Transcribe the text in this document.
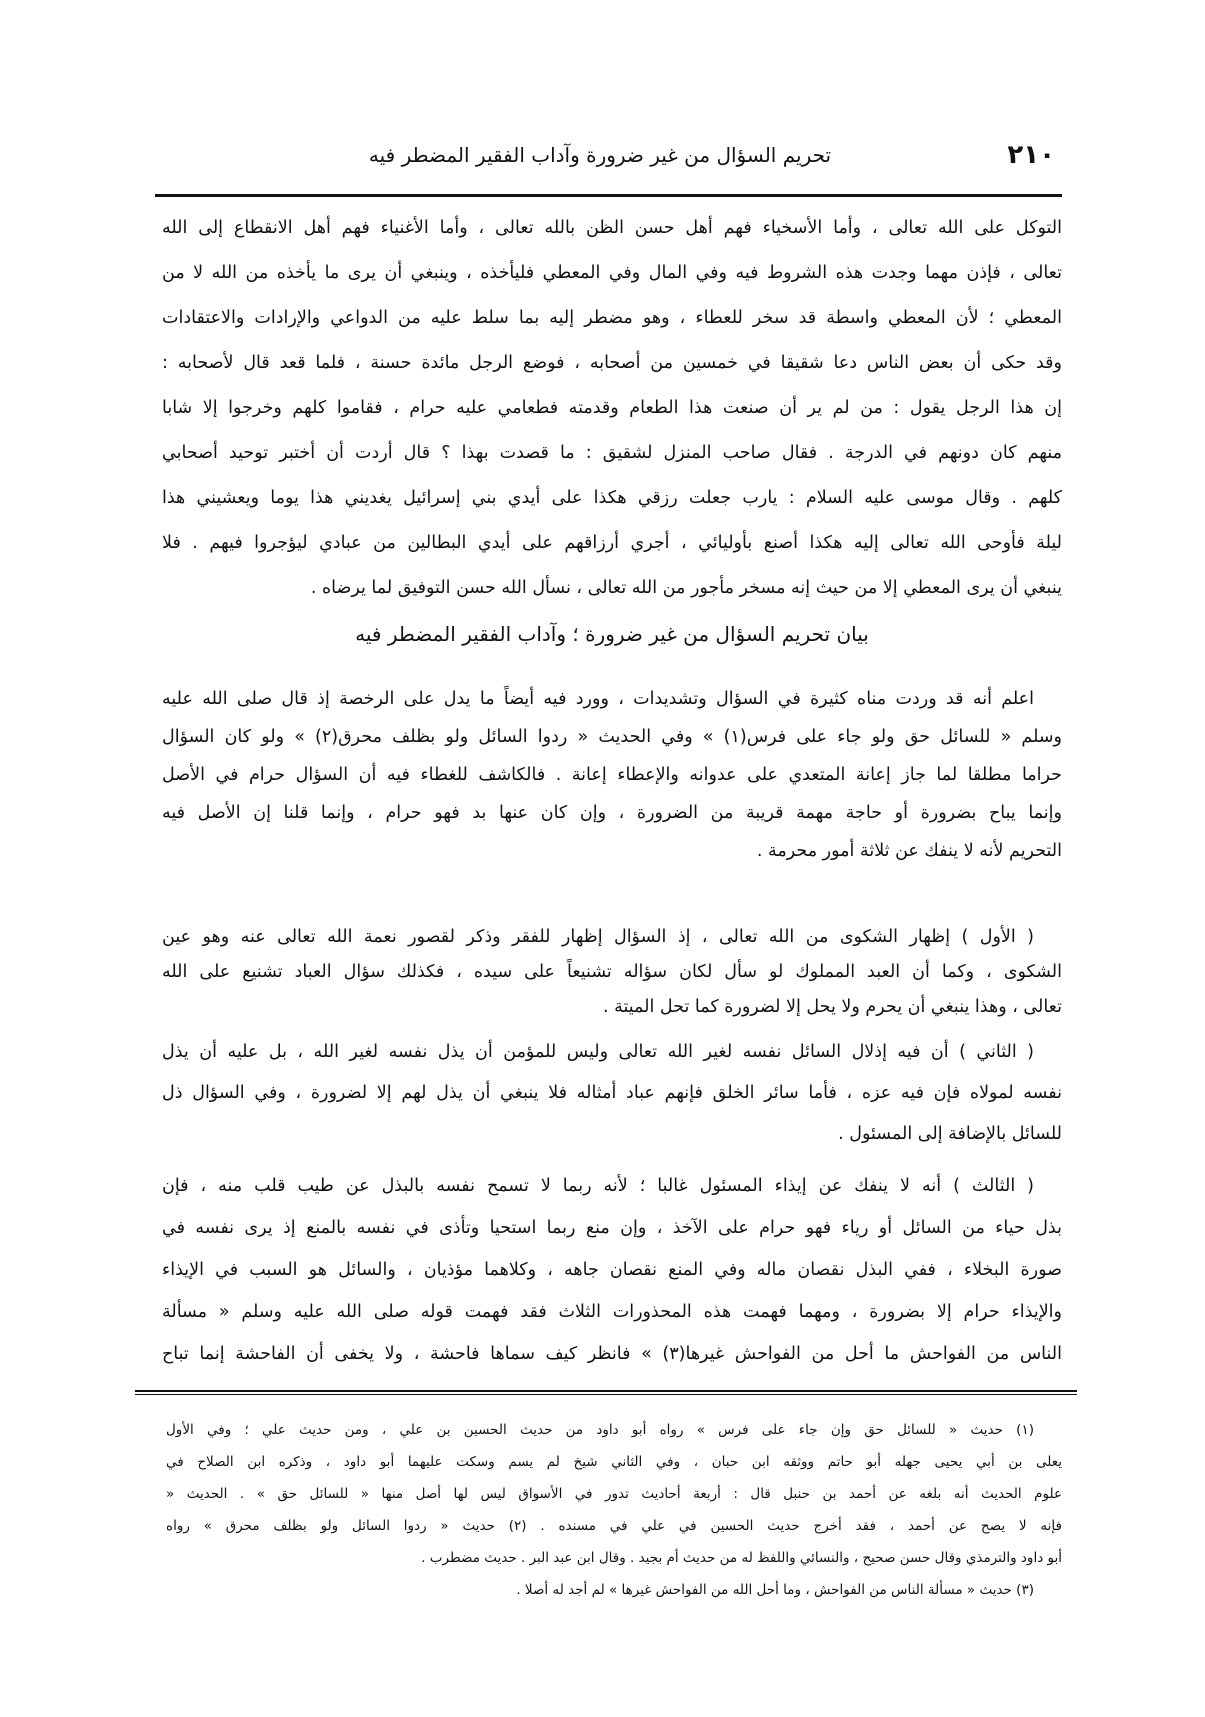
٢١٠
تحريم السؤال من غير ضرورة وآداب الفقير المضطر فيه
التوكل على الله تعالى ، وأما الأسخياء فهم أهل حسن الظن بالله تعالى ، وأما الأغنياء فهم أهل الانقطاع إلى الله
تعالى ، فإذن مهما وجدت هذه الشروط فيه وفي المال وفي المعطي فليأخذه ، وينبغي أن يرى ما يأخذه من الله لا من
المعطي ؛ لأن المعطي واسطة قد سخر للعطاء ، وهو مضطر إليه بما سلط عليه من الدواعي والإرادات والاعتقادات
وقد حكى أن بعض الناس دعا شقيقا في خمسين من أصحابه ، فوضع الرجل مائدة حسنة ، فلما قعد قال لأصحابه :
إن هذا الرجل يقول : من لم ير أن صنعت هذا الطعام وقدمته فطعامي عليه حرام ، فقاموا كلهم وخرجوا إلا شابا
منهم كان دونهم في الدرجة . فقال صاحب المنزل لشقيق : ما قصدت بهذا ؟ قال أردت أن أختبر توحيد أصحابي
كلهم . وقال موسى عليه السلام : يارب جعلت رزقي هكذا على أيدي بني إسرائيل يغديني هذا يوما ويعشيني هذا
ليلة فأوحى الله تعالى إليه هكذا أصنع بأوليائي ، أجري أرزاقهم على أيدي البطالين من عبادي ليؤجروا فيهم . فلا
ينبغي أن يرى المعطي إلا من حيث إنه مسخر مأجور من الله تعالى ، نسأل الله حسن التوفيق لما يرضاه .
بيان تحريم السؤال من غير ضرورة ؛ وآداب الفقير المضطر فيه
اعلم أنه قد وردت مناه كثيرة في السؤال وتشديدات ، وورد فيه أيضاً ما يدل على الرخصة إذ قال صلى الله عليه
وسلم « للسائل حق ولو جاء على فرس(١) » وفي الحديث « ردوا السائل ولو بظلف محرق(٢) » ولو كان السؤال
حراما مطلقا لما جاز إعانة المتعدي على عدوانه والإعطاء إعانة . فالكاشف للغطاء فيه أن السؤال حرام في الأصل
وإنما يباح بضرورة أو حاجة مهمة قريبة من الضرورة ، وإن كان عنها بد فهو حرام ، وإنما قلنا إن الأصل فيه
التحريم لأنه لا ينفك عن ثلاثة أمور محرمة .
( الأول ) إظهار الشكوى من الله تعالى ، إذ السؤال إظهار للفقر وذكر لقصور نعمة الله تعالى عنه وهو عين
الشكوى ، وكما أن العبد المملوك لو سأل لكان سؤاله تشنيعاً على سيده ، فكذلك سؤال العباد تشنيع على الله
تعالى ، وهذا ينبغي أن يحرم ولا يحل إلا لضرورة كما تحل الميتة .
( الثاني ) أن فيه إذلال السائل نفسه لغير الله تعالى وليس للمؤمن أن يذل نفسه لغير الله ، بل عليه أن يذل
نفسه لمولاه فإن فيه عزه ، فأما سائر الخلق فإنهم عباد أمثاله فلا ينبغي أن يذل لهم إلا لضرورة ، وفي السؤال ذل
للسائل بالإضافة إلى المسئول .
( الثالث ) أنه لا ينفك عن إيذاء المسئول غالبا ؛ لأنه ربما لا تسمح نفسه بالبذل عن طيب قلب منه ، فإن
بذل حياء من السائل أو رياء فهو حرام على الآخذ ، وإن منع ربما استحيا وتأذى في نفسه بالمنع إذ يرى نفسه في
صورة البخلاء ، ففي البذل نقصان ماله وفي المنع نقصان جاهه ، وكلاهما مؤذيان ، والسائل هو السبب في الإيذاء
والإيذاء حرام إلا بضرورة ، ومهما فهمت هذه المحذورات الثلاث فقد فهمت قوله صلى الله عليه وسلم « مسألة
الناس من الفواحش ما أحل من الفواحش غيرها(٣) » فانظر كيف سماها فاحشة ، ولا يخفى أن الفاحشة إنما تباح
(١) حديث « للسائل حق وإن جاء على فرس » رواه أبو داود من حديث الحسين بن علي ، ومن حديث علي ؛ وفي الأول
يعلى بن أبي يحيى جهله أبو حاتم ووثقه ابن حبان ، وفي الثاني شيخ لم يسم وسكت عليهما أبو داود ، وذكره ابن الصلاح في
علوم الحديث أنه بلغه عن أحمد بن حنبل قال : أربعة أحاديث تدور في الأسواق ليس لها أصل منها « للسائل حق » . الحديث «
فإنه لا يصح عن أحمد ، فقد أخرج حديث الحسين في علي في مسنده . (٢) حديث « ردوا السائل ولو بظلف محرق » رواه
أبو داود والترمذي وقال حسن صحيح ، والنسائي واللفظ له من حديث أم بجيد . وقال ابن عبد البر . حديث مضطرب .
(٣) حديث « مسألة الناس من الفواحش ، وما أحل الله من الفواحش غيرها » لم أجد له أصلا .
